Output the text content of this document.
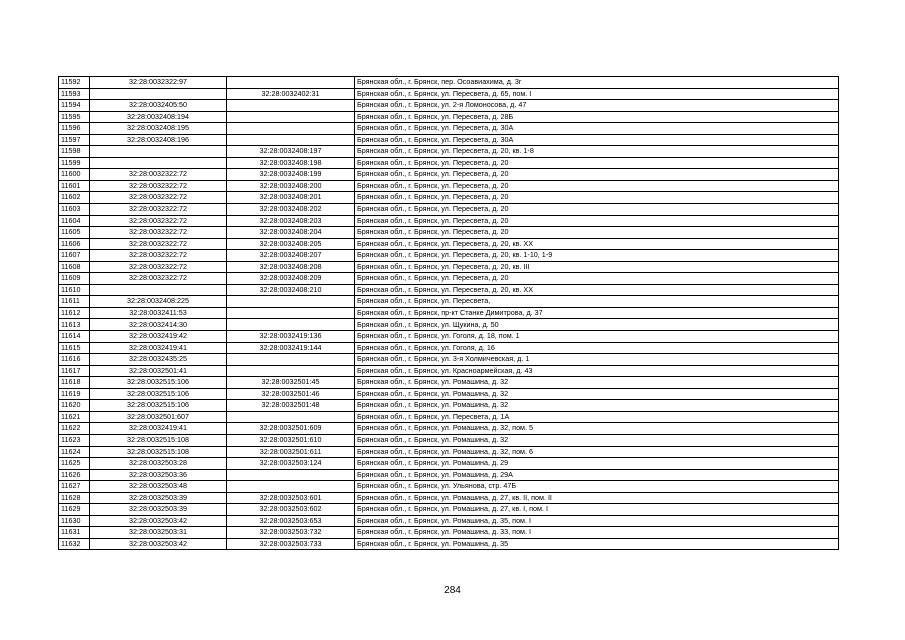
11592	32:28:0032322:97		Брянская обл., г. Брянск, пер. Осоавиахима, д. 3г
11593		32:28:0032402:31	Брянская обл., г. Брянск, ул. Пересвета, д. 65, пом. I
11594	32:28:0032405:50		Брянская обл., г. Брянск, ул. 2-я Ломоносова, д. 47
11595	32:28:0032408:194		Брянская обл., г. Брянск, ул. Пересвета, д. 28Б
11596	32:28:0032408:195		Брянская обл., г. Брянск, ул. Пересвета, д. 30А
11597	32:28:0032408:196		Брянская обл., г. Брянск, ул. Пересвета, д. 30А
11598		32:28:0032408:197	Брянская обл., г. Брянск, ул. Пересвета, д. 20, кв. 1-8
11599		32:28:0032408:198	Брянская обл., г. Брянск, ул. Пересвета, д. 20
11600	32:28:0032322:72	32:28:0032408:199	Брянская обл., г. Брянск, ул. Пересвета, д. 20
11601	32:28:0032322:72	32:28:0032408:200	Брянская обл., г. Брянск, ул. Пересвета, д. 20
11602	32:28:0032322:72	32:28:0032408:201	Брянская обл., г. Брянск, ул. Пересвета, д. 20
11603	32:28:0032322:72	32:28:0032408:202	Брянская обл., г. Брянск, ул. Пересвета, д. 20
11604	32:28:0032322:72	32:28:0032408:203	Брянская обл., г. Брянск, ул. Пересвета, д. 20
11605	32:28:0032322:72	32:28:0032408:204	Брянская обл., г. Брянск, ул. Пересвета, д. 20
11606	32:28:0032322:72	32:28:0032408:205	Брянская обл., г. Брянск, ул. Пересвета, д. 20, кв. XX
11607	32:28:0032322:72	32:28:0032408:207	Брянская обл., г. Брянск, ул. Пересвета, д. 20, кв. 1-10, 1-9
11608	32:28:0032322:72	32:28:0032408:208	Брянская обл., г. Брянск, ул. Пересвета, д. 20, кв. III
11609	32:28:0032322:72	32:28:0032408:209	Брянская обл., г. Брянск, ул. Пересвета, д. 20
11610		32:28:0032408:210	Брянская обл., г. Брянск, ул. Пересвета, д. 20, кв. XX
11611	32:28:0032408:225		Брянская обл., г. Брянск, ул. Пересвета,
11612	32:28:0032411:53		Брянская обл., г. Брянск, пр-кт Станке Димитрова, д. 37
11613	32:28:0032414:30		Брянская обл., г. Брянск, ул. Щукина, д. 50
11614	32:28:0032419:42	32:28:0032419:136	Брянская обл., г. Брянск, ул. Гоголя, д. 18, пом. 1
11615	32:28:0032419:41	32:28:0032419:144	Брянская обл., г. Брянск, ул. Гоголя, д. 16
11616	32:28:0032435:25		Брянская обл., г. Брянск, ул. 3-я Холмичевская, д. 1
11617	32:28:0032501:41		Брянская обл., г. Брянск, ул. Красноармейская, д. 43
11618	32:28:0032515:106	32:28:0032501:45	Брянская обл., г. Брянск, ул. Ромашина, д. 32
11619	32:28:0032515:106	32:28:0032501:46	Брянская обл., г. Брянск, ул. Ромашина, д. 32
11620	32:28:0032515:106	32:28:0032501:48	Брянская обл., г. Брянск, ул. Ромашина, д. 32
11621	32:28:0032501:607		Брянская обл., г. Брянск, ул. Пересвета, д. 1А
11622	32:28:0032419:41	32:28:0032501:609	Брянская обл., г. Брянск, ул. Ромашина, д. 32, пом. 5
11623	32:28:0032515:108	32:28:0032501:610	Брянская обл., г. Брянск, ул. Ромашина, д. 32
11624	32:28:0032515:108	32:28:0032501:611	Брянская обл., г. Брянск, ул. Ромашина, д. 32, пом. 6
11625	32:28:0032503:28	32:28:0032503:124	Брянская обл., г. Брянск, ул. Ромашина, д. 29
11626	32:28:0032503:36		Брянская обл., г. Брянск, ул. Ромашина, д. 29А
11627	32:28:0032503:48		Брянская обл., г. Брянск, ул. Ульянова, стр. 47Б
11628	32:28:0032503:39	32:28:0032503:601	Брянская обл., г. Брянск, ул. Ромашина, д. 27, кв. II, пом. II
11629	32:28:0032503:39	32:28:0032503:602	Брянская обл., г. Брянск, ул. Ромашина, д. 27, кв. I, пом. I
11630	32:28:0032503:42	32:28:0032503:653	Брянская обл., г. Брянск, ул. Ромашина, д. 35, пом. I
11631	32:28:0032503:31	32:28:0032503:732	Брянская обл., г. Брянск, ул. Ромашина, д. 33, пом. I
11632	32:28:0032503:42	32:28:0032503:733	Брянская обл., г. Брянск, ул. Ромашина, д. 35
284
